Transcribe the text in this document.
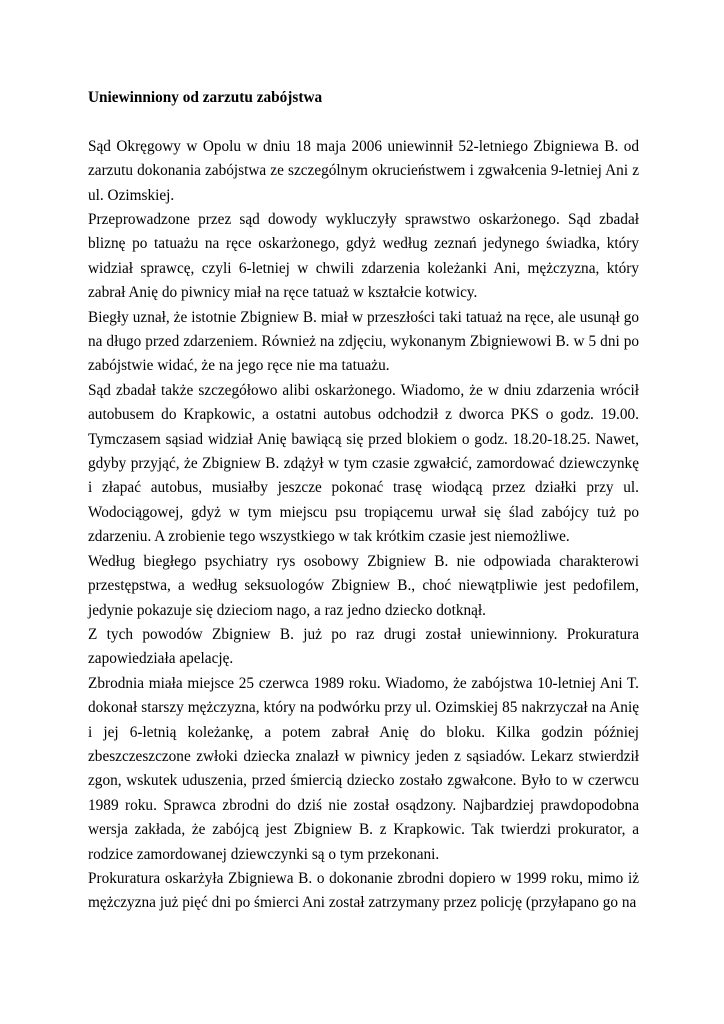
Uniewinniony od zarzutu zabójstwa

Sąd Okręgowy w Opolu w dniu 18 maja 2006 uniewinnił 52-letniego Zbigniewa B. od zarzutu dokonania zabójstwa ze szczególnym okrucieństwem i zgwałcenia 9-letniej Ani z ul. Ozimskiej.

Przeprowadzone przez sąd dowody wykluczyły sprawstwo oskarżonego. Sąd zbadał bliznę po tatuażu na ręce oskarżonego, gdyż według zeznań jedynego świadka, który widział sprawcę, czyli 6-letniej w chwili zdarzenia koleżanki Ani, mężczyzna, który zabrał Anię do piwnicy miał na ręce tatuaż w kształcie kotwicy.

Biegły uznał, że istotnie Zbigniew B. miał w przeszłości taki tatuaż na ręce, ale usunął go na długo przed zdarzeniem. Również na zdjęciu, wykonanym Zbigniewowi B. w 5 dni po zabójstwie widać, że na jego ręce nie ma tatuażu.

Sąd zbadał także szczegółowo alibi oskarżonego. Wiadomo, że w dniu zdarzenia wrócił autobusem do Krapkowic, a ostatni autobus odchodził z dworca PKS o godz. 19.00. Tymczasem sąsiad widział Anię bawiącą się przed blokiem o godz. 18.20-18.25. Nawet, gdyby przyjąć, że Zbigniew B. zdążył w tym czasie zgwałcić, zamordować dziewczynkę i złapać autobus, musiałby jeszcze pokonać trasę wiodącą przez działki przy ul. Wodociągowej, gdyż w tym miejscu psu tropiącemu urwał się ślad zabójcy tuż po zdarzeniu. A zrobienie tego wszystkiego w tak krótkim czasie jest niemożliwe.

Według biegłego psychiatry rys osobowy Zbigniew B. nie odpowiada charakterowi przestępstwa, a według seksuologów Zbigniew B., choć niewątpliwie jest pedofilem, jedynie pokazuje się dzieciom nago, a raz jedno dziecko dotknął.

Z tych powodów Zbigniew B. już po raz drugi został uniewinniony. Prokuratura zapowiedziała apelację.

Zbrodnia miała miejsce 25 czerwca 1989 roku. Wiadomo, że zabójstwa 10-letniej Ani T. dokonał starszy mężczyzna, który na podwórku przy ul. Ozimskiej 85 nakrzyczał na Anię i jej 6-letnią koleżankę, a potem zabrał Anię do bloku. Kilka godzin później zbeszczeszczone zwłoki dziecka znalazł w piwnicy jeden z sąsiadów. Lekarz stwierdził zgon, wskutek uduszenia, przed śmiercią dziecko zostało zgwałcone. Było to w czerwcu 1989 roku. Sprawca zbrodni do dziś nie został osądzony. Najbardziej prawdopodobna wersja zakłada, że zabójcą jest Zbigniew B. z Krapkowic. Tak twierdzi prokurator, a rodzice zamordowanej dziewczynki są o tym przekonani.

Prokuratura oskarżyła Zbigniewa B. o dokonanie zbrodni dopiero w 1999 roku, mimo iż mężczyzna już pięć dni po śmierci Ani został zatrzymany przez policję (przyłapano go na
